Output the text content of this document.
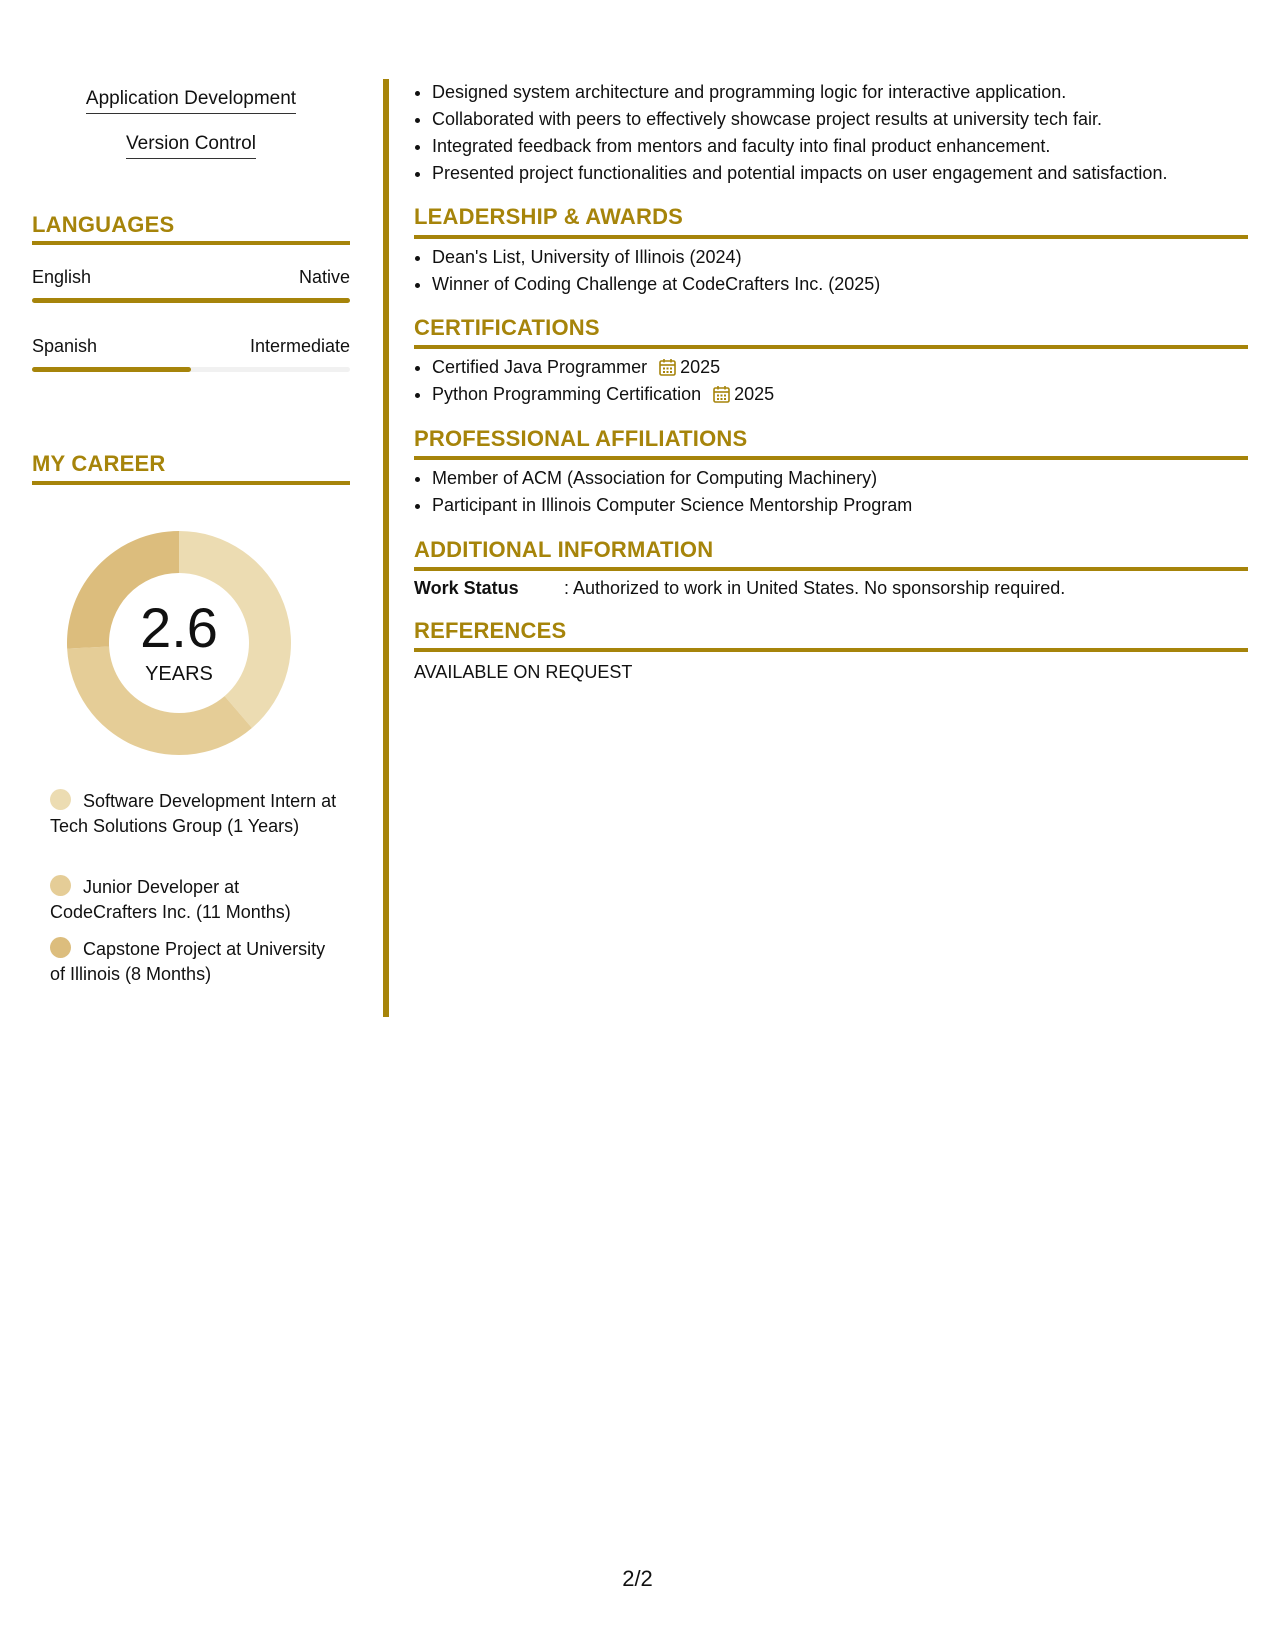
Application Development
Version Control
LANGUAGES
English	Native
Spanish	Intermediate
MY CAREER
2.6
YEARS
Software Development Intern at Tech Solutions Group (1 Years)
Junior Developer at CodeCrafters Inc. (11 Months)
Capstone Project at University of Illinois (8 Months)
• Designed system architecture and programming logic for interactive application.
• Collaborated with peers to effectively showcase project results at university tech fair.
• Integrated feedback from mentors and faculty into final product enhancement.
• Presented project functionalities and potential impacts on user engagement and satisfaction.
LEADERSHIP & AWARDS
• Dean's List, University of Illinois (2024)
• Winner of Coding Challenge at CodeCrafters Inc. (2025)
CERTIFICATIONS
• Certified Java Programmer 2025
• Python Programming Certification 2025
PROFESSIONAL AFFILIATIONS
• Member of ACM (Association for Computing Machinery)
• Participant in Illinois Computer Science Mentorship Program
ADDITIONAL INFORMATION
Work Status	: Authorized to work in United States. No sponsorship required.
REFERENCES
AVAILABLE ON REQUEST
2/2
